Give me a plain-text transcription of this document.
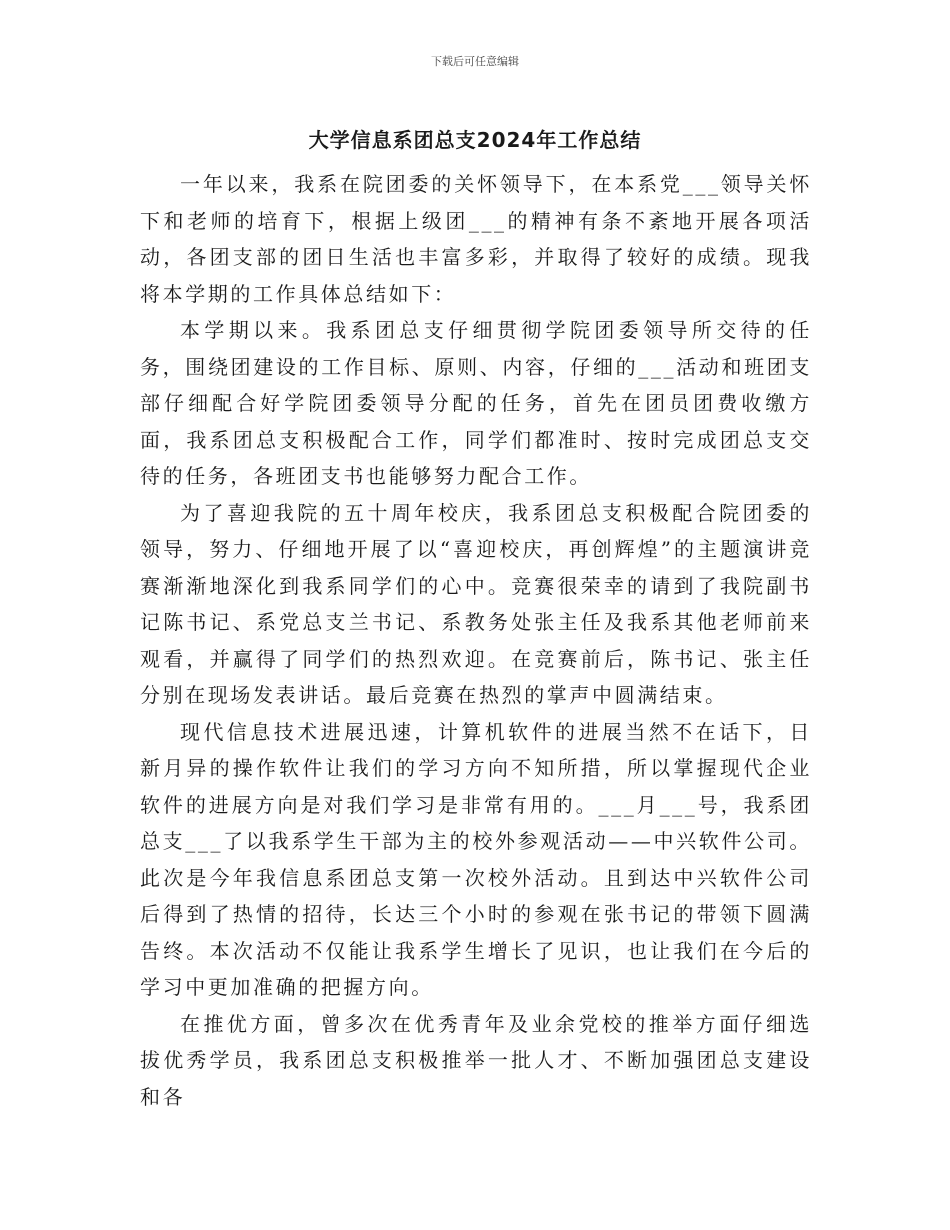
下载后可任意编辑
大学信息系团总支2024年工作总结

一年以来，我系在院团委的关怀领导下，在本系党___领导关怀下和老师的培育下，根据上级团___的精神有条不紊地开展各项活动，各团支部的团日生活也丰富多彩，并取得了较好的成绩。现我将本学期的工作具体总结如下：

本学期以来。我系团总支仔细贯彻学院团委领导所交待的任务，围绕团建设的工作目标、原则、内容，仔细的___活动和班团支部仔细配合好学院团委领导分配的任务，首先在团员团费收缴方面，我系团总支积极配合工作，同学们都准时、按时完成团总支交待的任务，各班团支书也能够努力配合工作。

为了喜迎我院的五十周年校庆，我系团总支积极配合院团委的领导，努力、仔细地开展了以“喜迎校庆，再创辉煌”的主题演讲竞赛渐渐地深化到我系同学们的心中。竞赛很荣幸的请到了我院副书记陈书记、系党总支兰书记、系教务处张主任及我系其他老师前来观看，并赢得了同学们的热烈欢迎。在竞赛前后，陈书记、张主任分别在现场发表讲话。最后竞赛在热烈的掌声中圆满结束。

现代信息技术进展迅速，计算机软件的进展当然不在话下，日新月异的操作软件让我们的学习方向不知所措，所以掌握现代企业软件的进展方向是对我们学习是非常有用的。___月___号，我系团总支___了以我系学生干部为主的校外参观活动——中兴软件公司。此次是今年我信息系团总支第一次校外活动。且到达中兴软件公司后得到了热情的招待，长达三个小时的参观在张书记的带领下圆满告终。本次活动不仅能让我系学生增长了见识，也让我们在今后的学习中更加准确的把握方向。

在推优方面，曾多次在优秀青年及业余党校的推举方面仔细选拔优秀学员，我系团总支积极推举一批人才、不断加强团总支建设和各
